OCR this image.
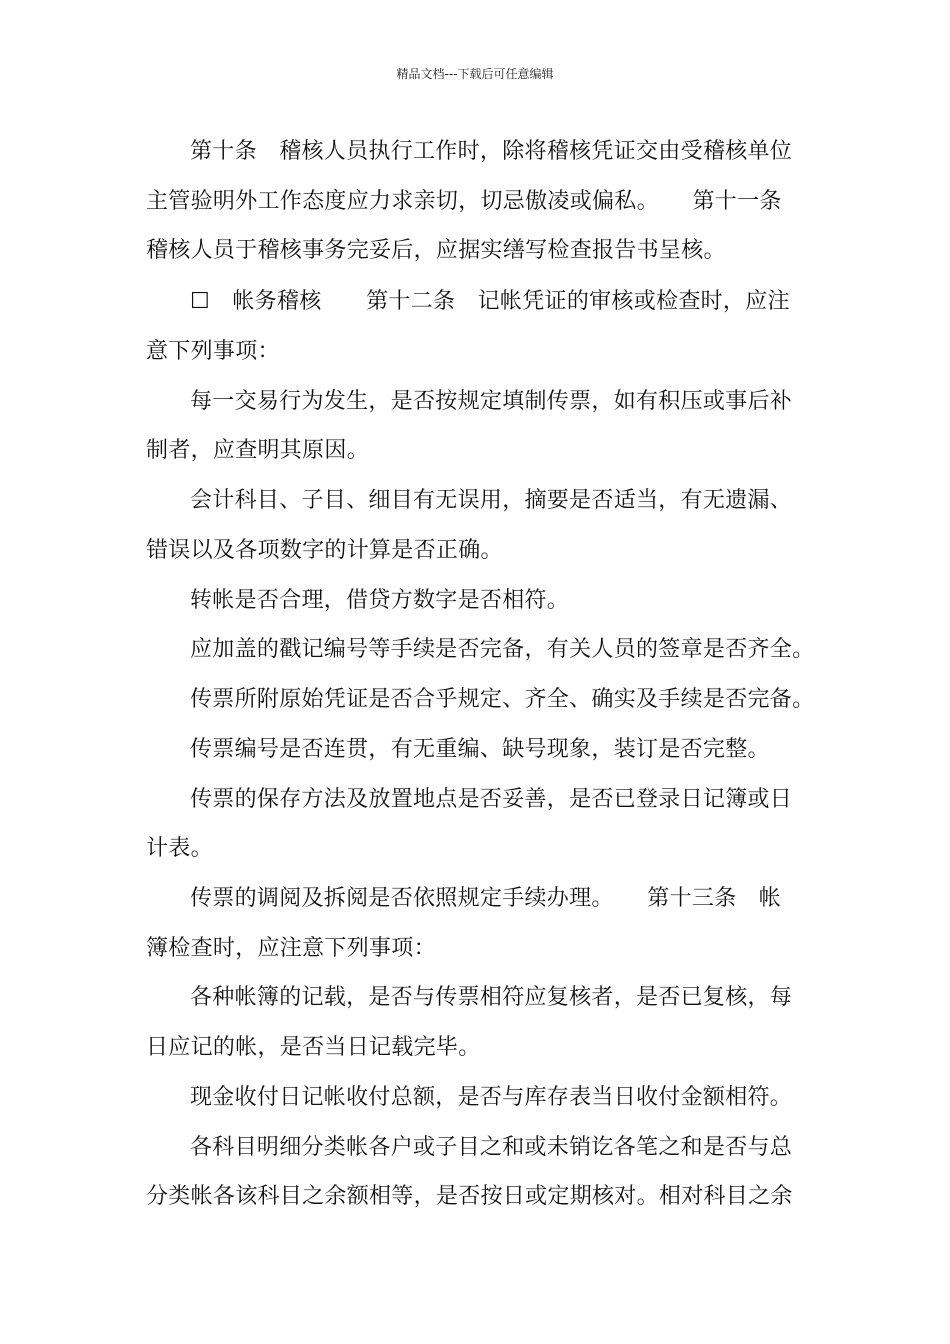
精品文档---下载后可任意编辑
第十条　稽核人员执行工作时，除将稽核凭证交由受稽核单位
主管验明外工作态度应力求亲切，切忌傲凌或偏私。　　第十一条
稽核人员于稽核事务完妥后，应据实缮写检查报告书呈核。
☐　帐务稽核　　第十二条　记帐凭证的审核或检查时，应注
意下列事项：
每一交易行为发生，是否按规定填制传票，如有积压或事后补
制者，应查明其原因。
会计科目、子目、细目有无误用，摘要是否适当，有无遗漏、
错误以及各项数字的计算是否正确。
转帐是否合理，借贷方数字是否相符。
应加盖的戳记编号等手续是否完备，有关人员的签章是否齐全。
传票所附原始凭证是否合乎规定、齐全、确实及手续是否完备。
传票编号是否连贯，有无重编、缺号现象，装订是否完整。
传票的保存方法及放置地点是否妥善，是否已登录日记簿或日
计表。
传票的调阅及拆阅是否依照规定手续办理。　　第十三条　帐
簿检查时，应注意下列事项：
各种帐簿的记载，是否与传票相符应复核者，是否已复核，每
日应记的帐，是否当日记载完毕。
现金收付日记帐收付总额，是否与库存表当日收付金额相符。
各科目明细分类帐各户或子目之和或未销讫各笔之和是否与总
分类帐各该科目之余额相等，是否按日或定期核对。相对科目之余
